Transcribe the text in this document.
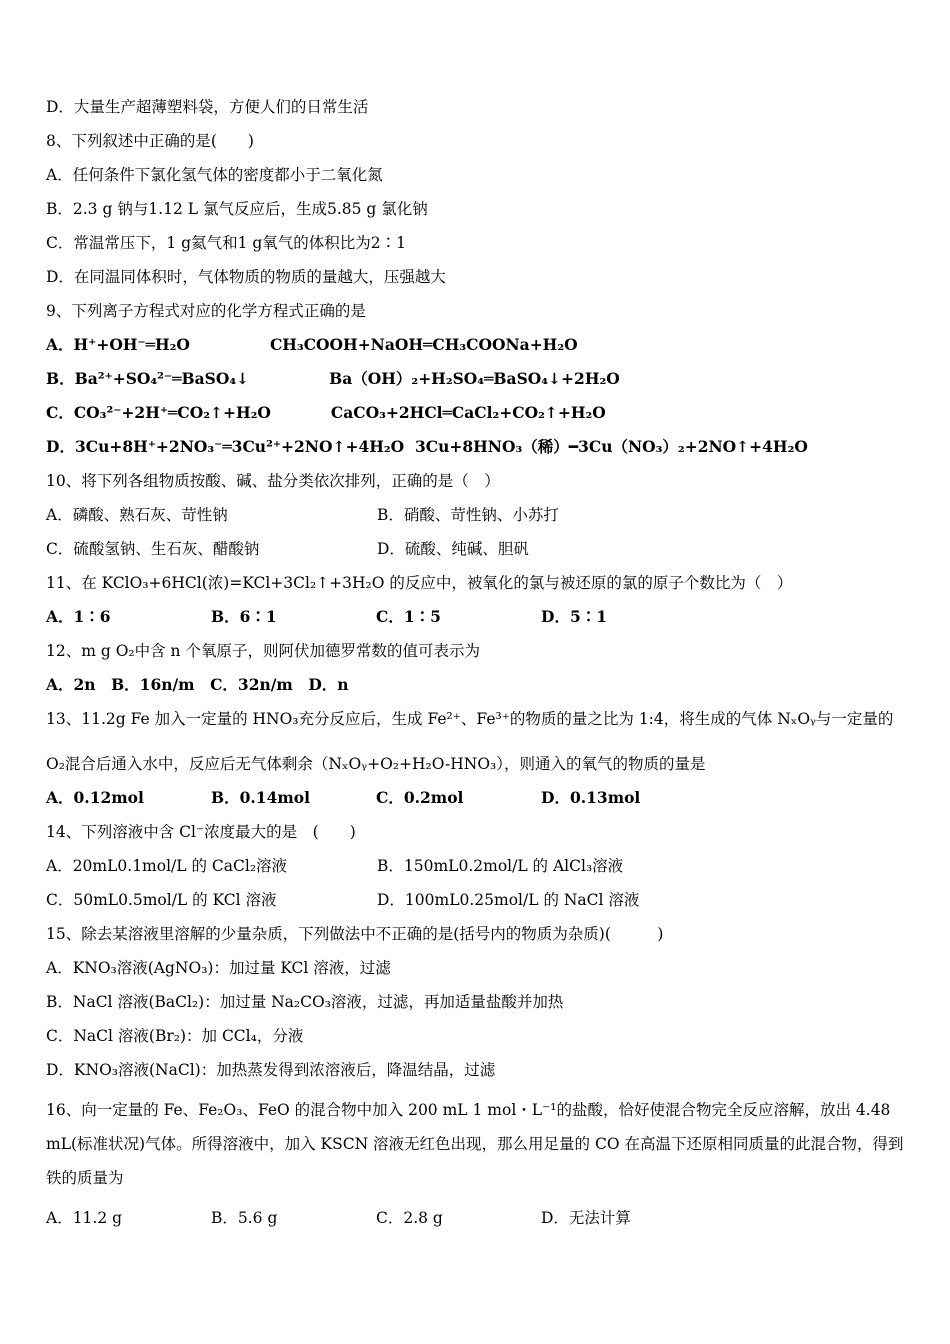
D．大量生产超薄塑料袋，方便人们的日常生活
8、下列叙述中正确的是(　　)
A．任何条件下氯化氢气体的密度都小于二氧化氮
B．2.3 g 钠与1.12 L 氯气反应后，生成5.85 g 氯化钠
C．常温常压下，1 g氦气和1 g氧气的体积比为2∶1
D．在同温同体积时，气体物质的物质的量越大，压强越大
9、下列离子方程式对应的化学方程式正确的是
A．H⁺+OH⁻═H₂O	CH₃COOH+NaOH═CH₃COONa+H₂O
B．Ba²⁺+SO₄²⁻═BaSO₄↓	Ba（OH）₂+H₂SO₄═BaSO₄↓+2H₂O
C．CO₃²⁻+2H⁺═CO₂↑+H₂O	CaCO₃+2HCl═CaCl₂+CO₂↑+H₂O
D．3Cu+8H⁺+2NO₃⁻═3Cu²⁺+2NO↑+4H₂O 3Cu+8HNO₃（稀）━3Cu（NO₃）₂+2NO↑+4H₂O
10、将下列各组物质按酸、碱、盐分类依次排列，正确的是（　）
A．磷酸、熟石灰、苛性钠	B．硝酸、苛性钠、小苏打
C．硫酸氢钠、生石灰、醋酸钠	D．硫酸、纯碱、胆矾
11、在 KClO₃+6HCl(浓)=KCl+3Cl₂↑+3H₂O 的反应中，被氧化的氯与被还原的氯的原子个数比为（　）
A．1∶6	B．6∶1	C．1∶5	D．5∶1
12、m g O₂中含 n 个氧原子，则阿伏加德罗常数的值可表示为
A．2n　B．16n/m　C．32n/m　D．n
13、11.2g Fe 加入一定量的 HNO₃充分反应后，生成 Fe²⁺、Fe³⁺的物质的量之比为 1:4，将生成的气体 NₓOᵧ与一定量的
O₂混合后通入水中，反应后无气体剩余（NₓOᵧ+O₂+H₂O-HNO₃），则通入的氧气的物质的量是
A．0.12mol	B．0.14mol	C．0.2mol	D．0.13mol
14、下列溶液中含 Cl⁻浓度最大的是　(　　)
A．20mL0.1mol/L 的 CaCl₂溶液	B．150mL0.2mol/L 的 AlCl₃溶液
C．50mL0.5mol/L 的 KCl 溶液	D．100mL0.25mol/L 的 NaCl 溶液
15、除去某溶液里溶解的少量杂质，下列做法中不正确的是(括号内的物质为杂质)(　　　)
A．KNO₃溶液(AgNO₃)：加过量 KCl 溶液，过滤
B．NaCl 溶液(BaCl₂)：加过量 Na₂CO₃溶液，过滤，再加适量盐酸并加热
C．NaCl 溶液(Br₂)：加 CCl₄，分液
D．KNO₃溶液(NaCl)：加热蒸发得到浓溶液后，降温结晶，过滤
16、向一定量的 Fe、Fe₂O₃、FeO 的混合物中加入 200 mL 1 mol・L⁻¹的盐酸，恰好使混合物完全反应溶解，放出 4.48 mL(标准状况)气体。所得溶液中，加入 KSCN 溶液无红色出现，那么用足量的 CO 在高温下还原相同质量的此混合物，得到铁的质量为
A．11.2 g	B．5.6 g	C．2.8 g	D．无法计算
